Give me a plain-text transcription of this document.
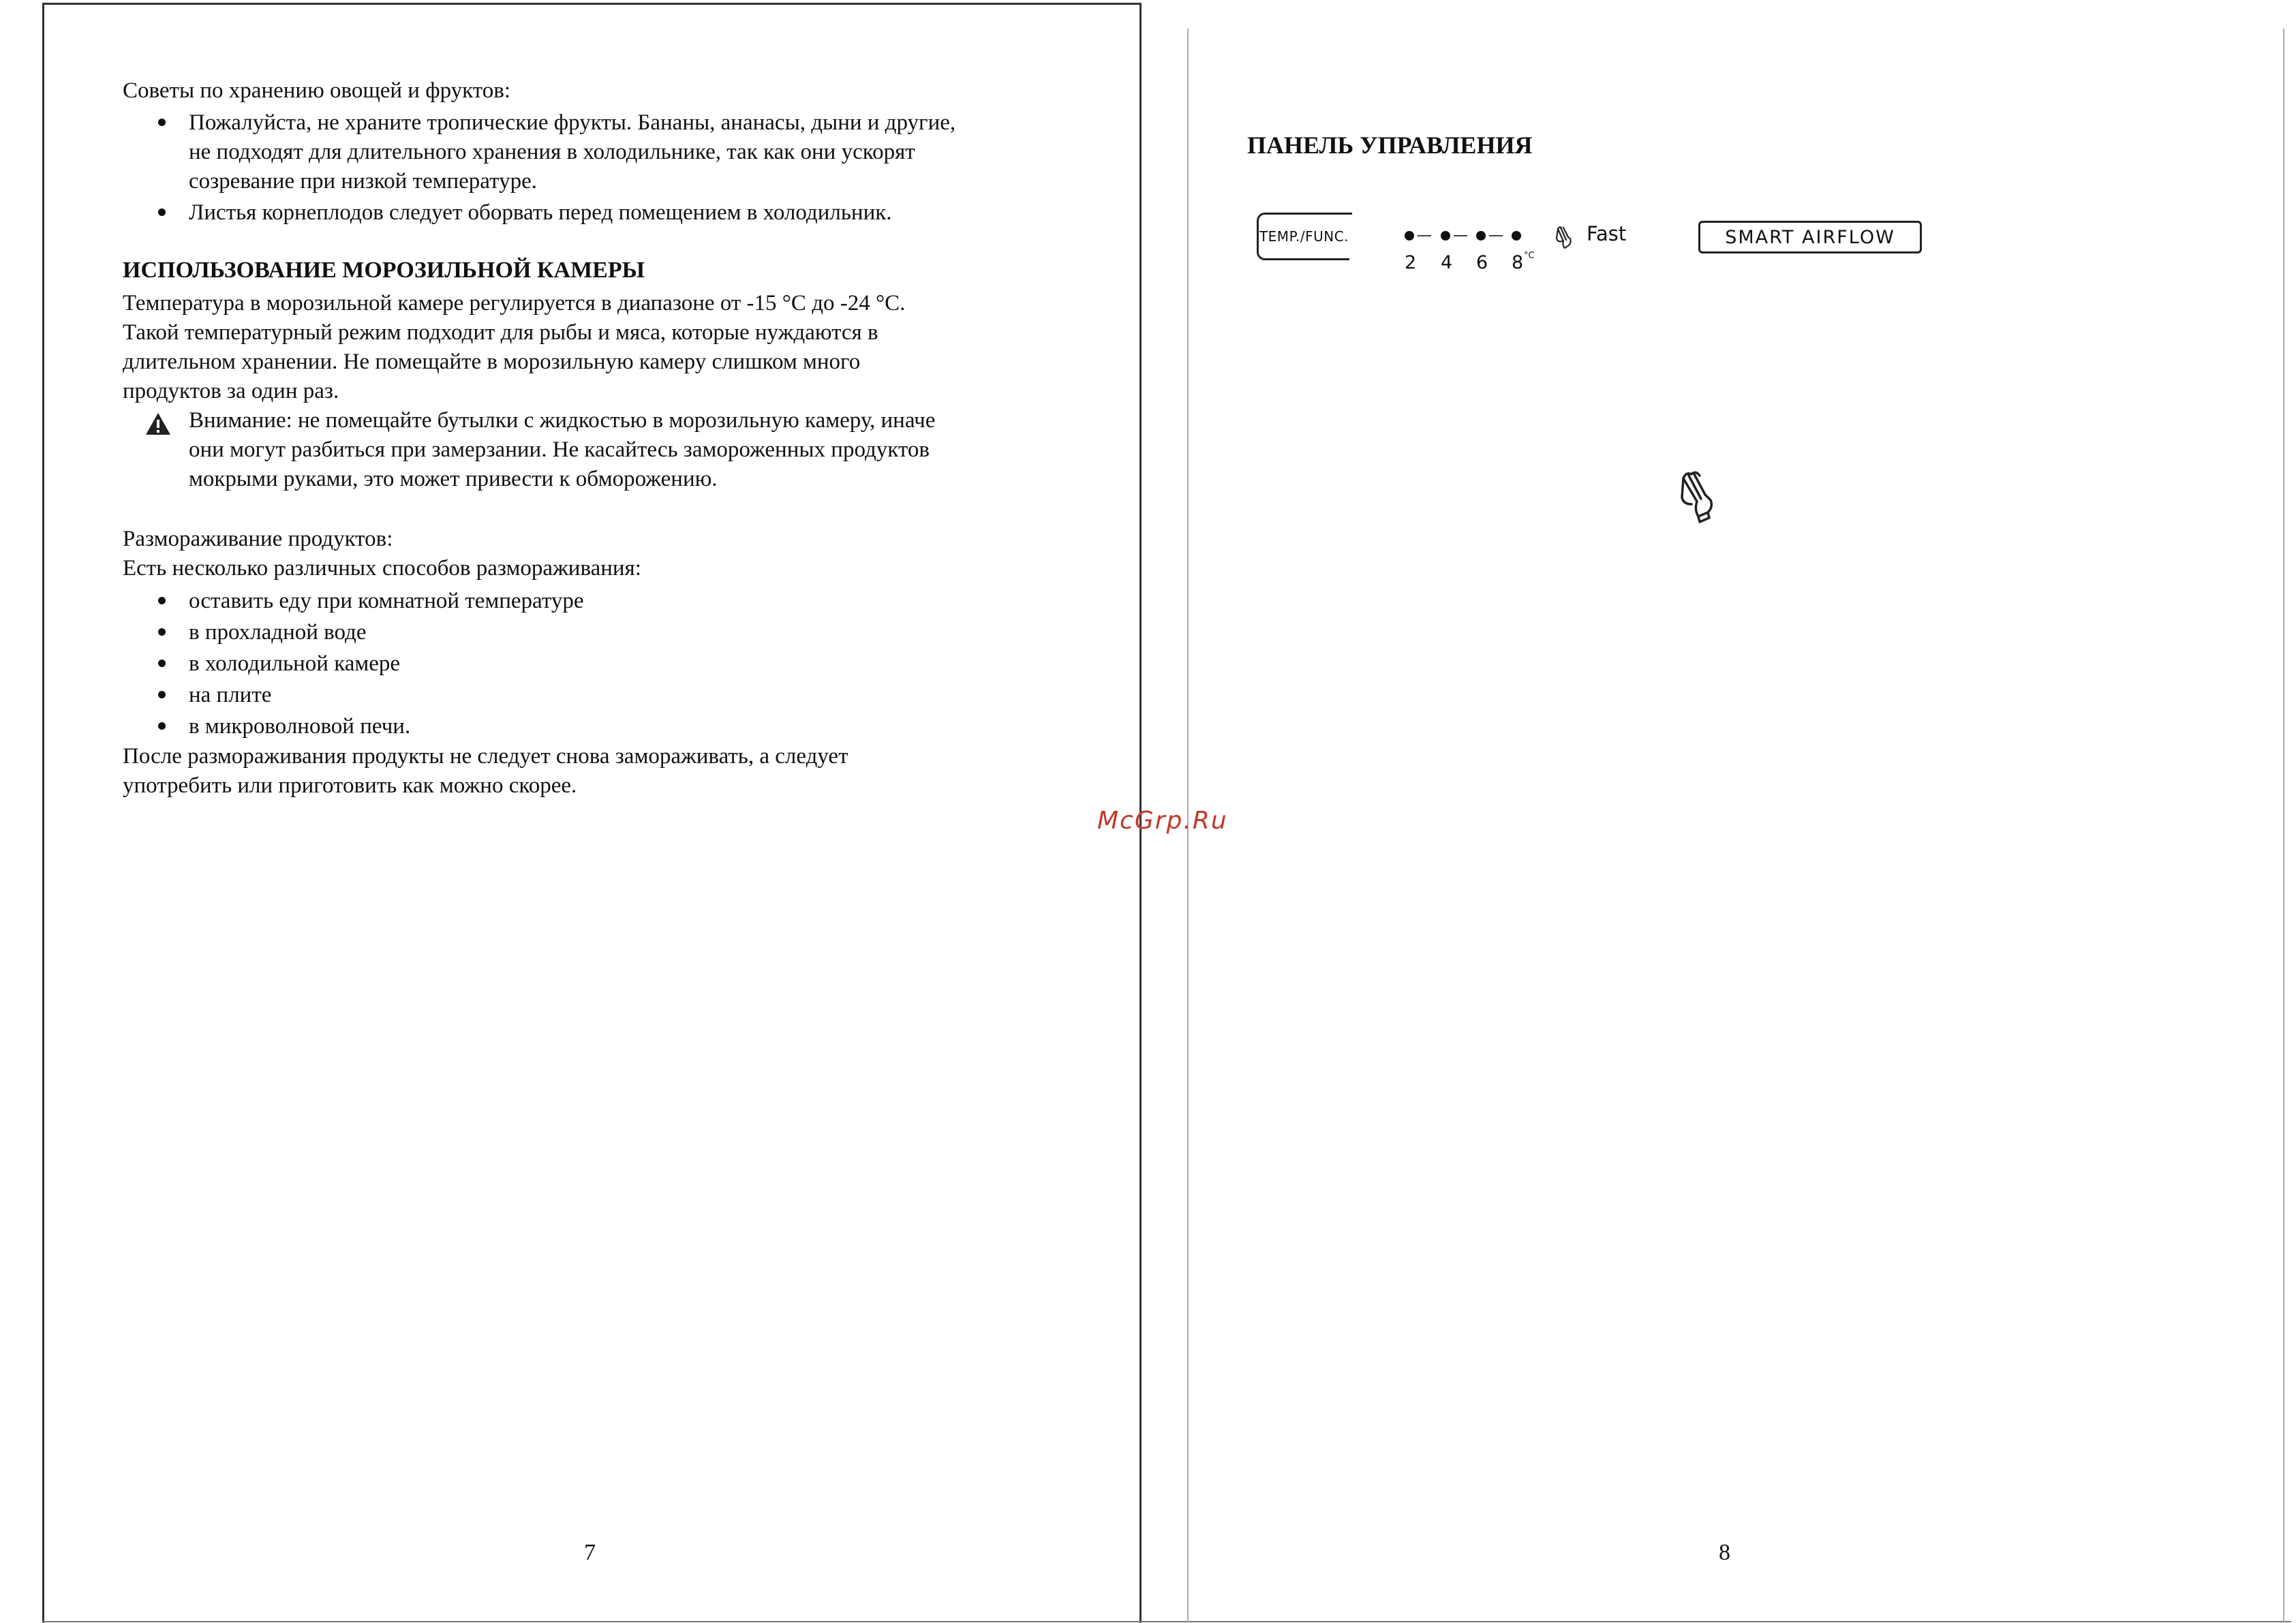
Советы по хранению овощей и фруктов:
Пожалуйста, не храните тропические фрукты. Бананы, ананасы, дыни и другие,
не подходят для длительного хранения в холодильнике, так как они ускорят
созревание при низкой температуре.
Листья корнеплодов следует оборвать перед помещением в холодильник.
ИСПОЛЬЗОВАНИЕ МОРОЗИЛЬНОЙ КАМЕРЫ
Температура в морозильной камере регулируется в диапазоне от -15 °С до -24 °С.
Такой температурный режим подходит для рыбы и мяса, которые нуждаются в
длительном хранении. Не помещайте в морозильную камеру слишком много
продуктов за один раз.
Внимание: не помещайте бутылки с жидкостью в морозильную камеру, иначе
они могут разбиться при замерзании. Не касайтесь замороженных продуктов
мокрыми руками, это может привести к обморожению.
Размораживание продуктов:
Есть несколько различных способов размораживания:
оставить еду при комнатной температуре
в прохладной воде
в холодильной камере
на плите
в микроволновой печи.
После размораживания продукты не следует снова замораживать, а следует
употребить или приготовить как можно скорее.
7
McGrp.Ru
ПАНЕЛЬ УПРАВЛЕНИЯ
TEMP./FUNC.
2 4 6 8 °C
Fast	SMART AIRFLOW
8
